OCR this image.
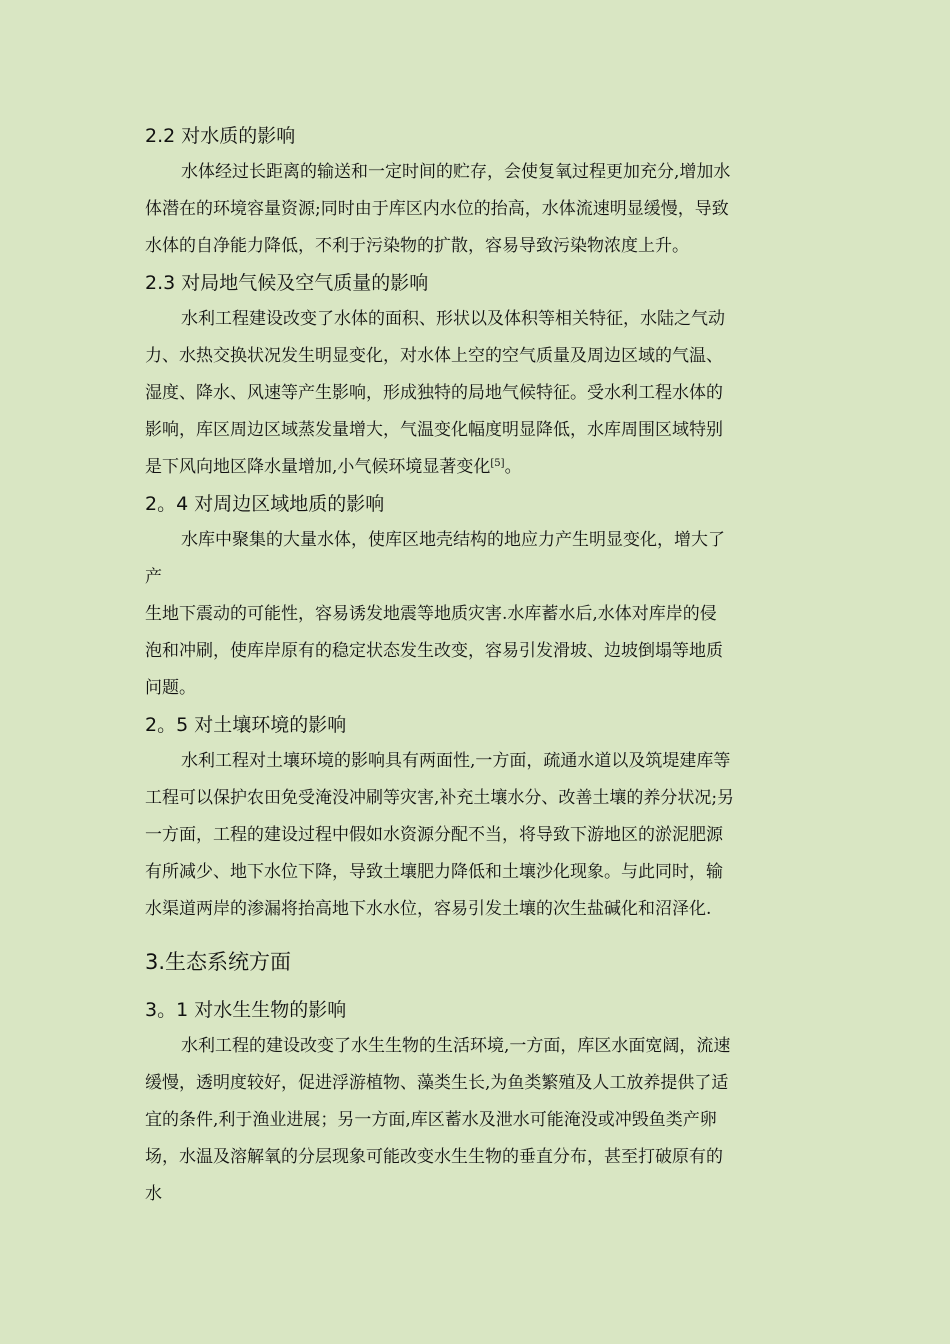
2.2 对水质的影响
水体经过长距离的输送和一定时间的贮存，会使复氧过程更加充分,增加水
体潜在的环境容量资源;同时由于库区内水位的抬高，水体流速明显缓慢，导致
水体的自净能力降低，不利于污染物的扩散，容易导致污染物浓度上升。
2.3 对局地气候及空气质量的影响
水利工程建设改变了水体的面积、形状以及体积等相关特征，水陆之气动
力、水热交换状况发生明显变化，对水体上空的空气质量及周边区域的气温、
湿度、降水、风速等产生影响，形成独特的局地气候特征。受水利工程水体的
影响，库区周边区域蒸发量增大，气温变化幅度明显降低，水库周围区域特别
是下风向地区降水量增加,小气候环境显著变化[5]。
2。4 对周边区域地质的影响
水库中聚集的大量水体，使库区地壳结构的地应力产生明显变化，增大了
产
生地下震动的可能性，容易诱发地震等地质灾害.水库蓄水后,水体对库岸的侵
泡和冲刷，使库岸原有的稳定状态发生改变，容易引发滑坡、边坡倒塌等地质
问题。
2。5 对土壤环境的影响
水利工程对土壤环境的影响具有两面性,一方面，疏通水道以及筑堤建库等
工程可以保护农田免受淹没冲刷等灾害,补充土壤水分、改善土壤的养分状况;另
一方面，工程的建设过程中假如水资源分配不当，将导致下游地区的淤泥肥源
有所减少、地下水位下降，导致土壤肥力降低和土壤沙化现象。与此同时，输
水渠道两岸的渗漏将抬高地下水水位，容易引发土壤的次生盐碱化和沼泽化.
3.生态系统方面
3。1 对水生生物的影响
水利工程的建设改变了水生生物的生活环境,一方面，库区水面宽阔，流速
缓慢，透明度较好，促进浮游植物、藻类生长,为鱼类繁殖及人工放养提供了适
宜的条件,利于渔业进展；另一方面,库区蓄水及泄水可能淹没或冲毁鱼类产卵
场，水温及溶解氧的分层现象可能改变水生生物的垂直分布，甚至打破原有的
水
